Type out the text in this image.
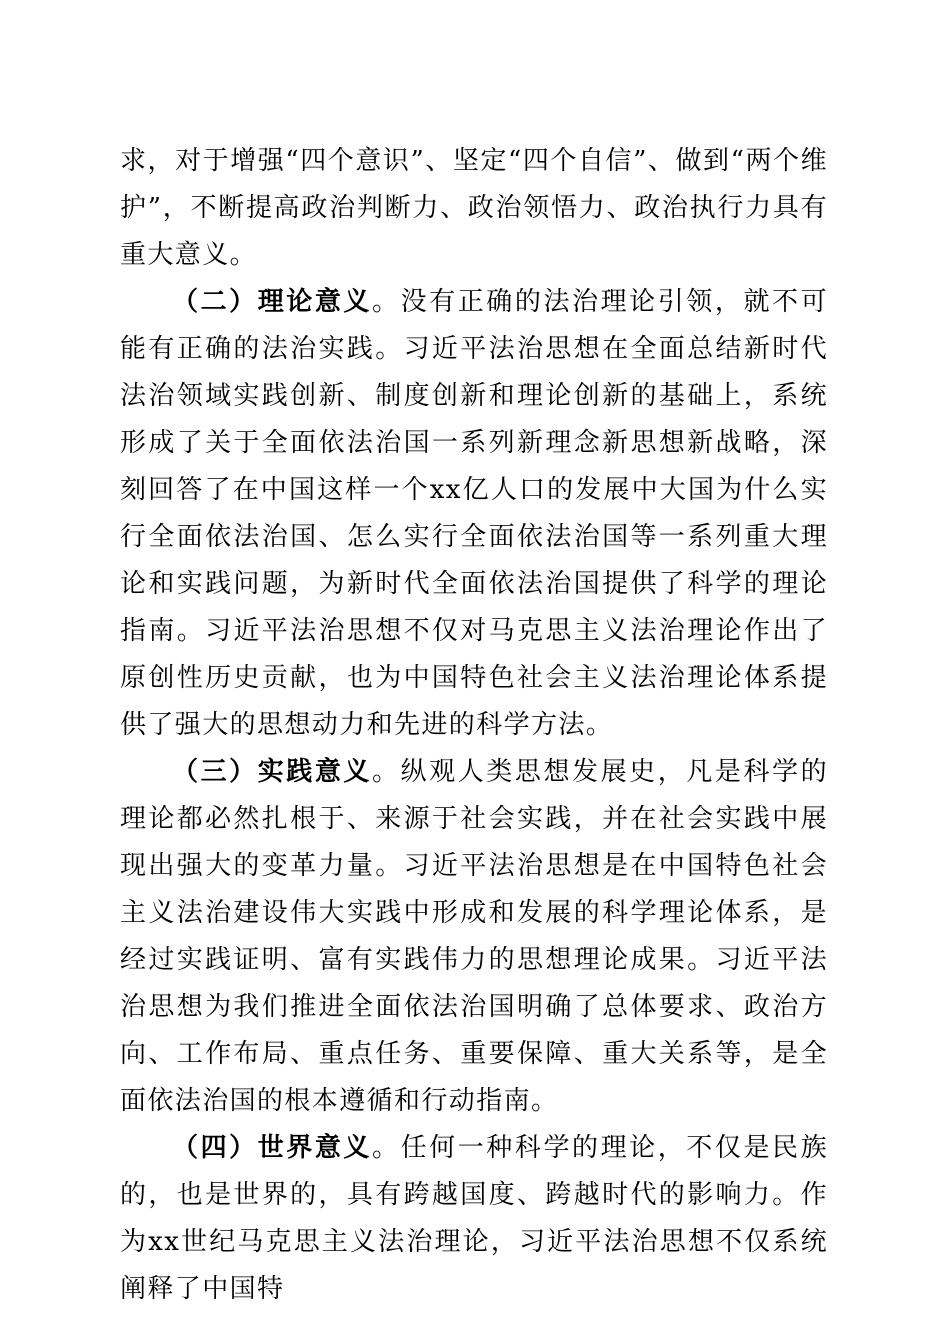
求，对于增强“四个意识”、坚定“四个自信”、做到“两个维护”，不断提高政治判断力、政治领悟力、政治执行力具有重大意义。

（二）理论意义。没有正确的法治理论引领，就不可能有正确的法治实践。习近平法治思想在全面总结新时代法治领域实践创新、制度创新和理论创新的基础上，系统形成了关于全面依法治国一系列新理念新思想新战略，深刻回答了在中国这样一个xx亿人口的发展中大国为什么实行全面依法治国、怎么实行全面依法治国等一系列重大理论和实践问题，为新时代全面依法治国提供了科学的理论指南。习近平法治思想不仅对马克思主义法治理论作出了原创性历史贡献，也为中国特色社会主义法治理论体系提供了强大的思想动力和先进的科学方法。

（三）实践意义。纵观人类思想发展史，凡是科学的理论都必然扎根于、来源于社会实践，并在社会实践中展现出强大的变革力量。习近平法治思想是在中国特色社会主义法治建设伟大实践中形成和发展的科学理论体系，是经过实践证明、富有实践伟力的思想理论成果。习近平法治思想为我们推进全面依法治国明确了总体要求、政治方向、工作布局、重点任务、重要保障、重大关系等，是全面依法治国的根本遵循和行动指南。

（四）世界意义。任何一种科学的理论，不仅是民族的，也是世界的，具有跨越国度、跨越时代的影响力。作为xx世纪马克思主义法治理论，习近平法治思想不仅系统阐释了中国特
